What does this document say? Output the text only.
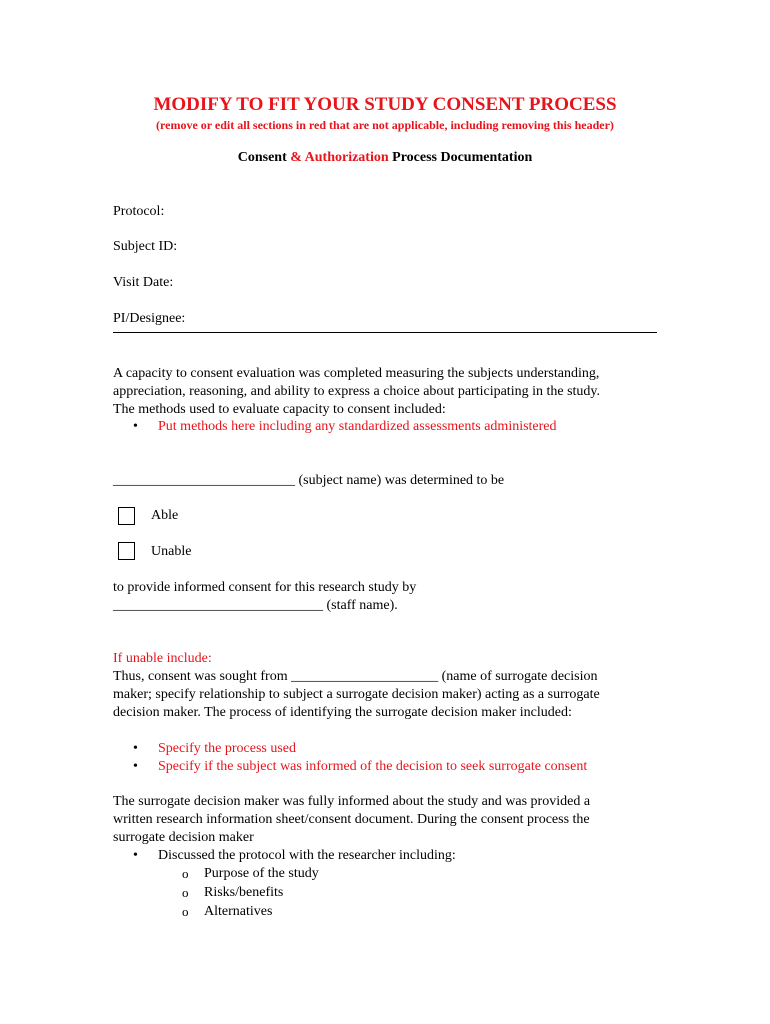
MODIFY TO FIT YOUR STUDY CONSENT PROCESS
(remove or edit all sections in red that are not applicable, including removing this header)
Consent & Authorization Process Documentation
Protocol:
Subject ID:
Visit Date:
PI/Designee:
A capacity to consent evaluation was completed measuring the subjects understanding,
appreciation, reasoning, and ability to express a choice about participating in the study.
The methods used to evaluate capacity to consent included:
• Put methods here including any standardized assessments administered
__________________________ (subject name) was determined to be
Able
Unable
to provide informed consent for this research study by
______________________________ (staff name).
If unable include:
Thus, consent was sought from _____________________ (name of surrogate decision
maker; specify relationship to subject a surrogate decision maker) acting as a surrogate
decision maker. The process of identifying the surrogate decision maker included:
• Specify the process used
• Specify if the subject was informed of the decision to seek surrogate consent
The surrogate decision maker was fully informed about the study and was provided a
written research information sheet/consent document. During the consent process the
surrogate decision maker
• Discussed the protocol with the researcher including:
o Purpose of the study
o Risks/benefits
o Alternatives
